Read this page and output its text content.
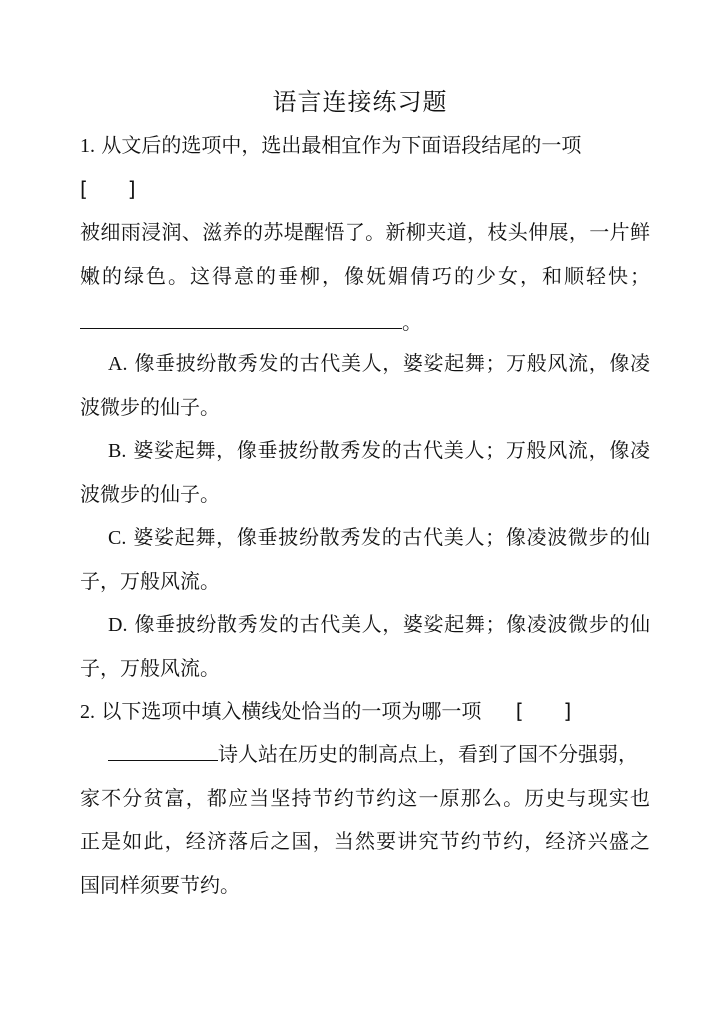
语言连接练习题
1. 从文后的选项中，选出最相宜作为下面语段结尾的一项
[　　]
被细雨浸润、滋养的苏堤醒悟了。新柳夹道，枝头伸展，一片鲜
嫩的绿色。这得意的垂柳，像妩媚倩巧的少女，和顺轻快；
。
A. 像垂披纷散秀发的古代美人，婆娑起舞；万般风流，像凌
波微步的仙子。
B. 婆娑起舞，像垂披纷散秀发的古代美人；万般风流，像凌
波微步的仙子。
C. 婆娑起舞，像垂披纷散秀发的古代美人；像凌波微步的仙
子，万般风流。
D. 像垂披纷散秀发的古代美人，婆娑起舞；像凌波微步的仙
子，万般风流。
2. 以下选项中填入横线处恰当的一项为哪一项 [　　]
诗人站在历史的制高点上，看到了国不分强弱，
家不分贫富，都应当坚持节约节约这一原那么。历史与现实也
正是如此，经济落后之国，当然要讲究节约节约，经济兴盛之
国同样须要节约。
